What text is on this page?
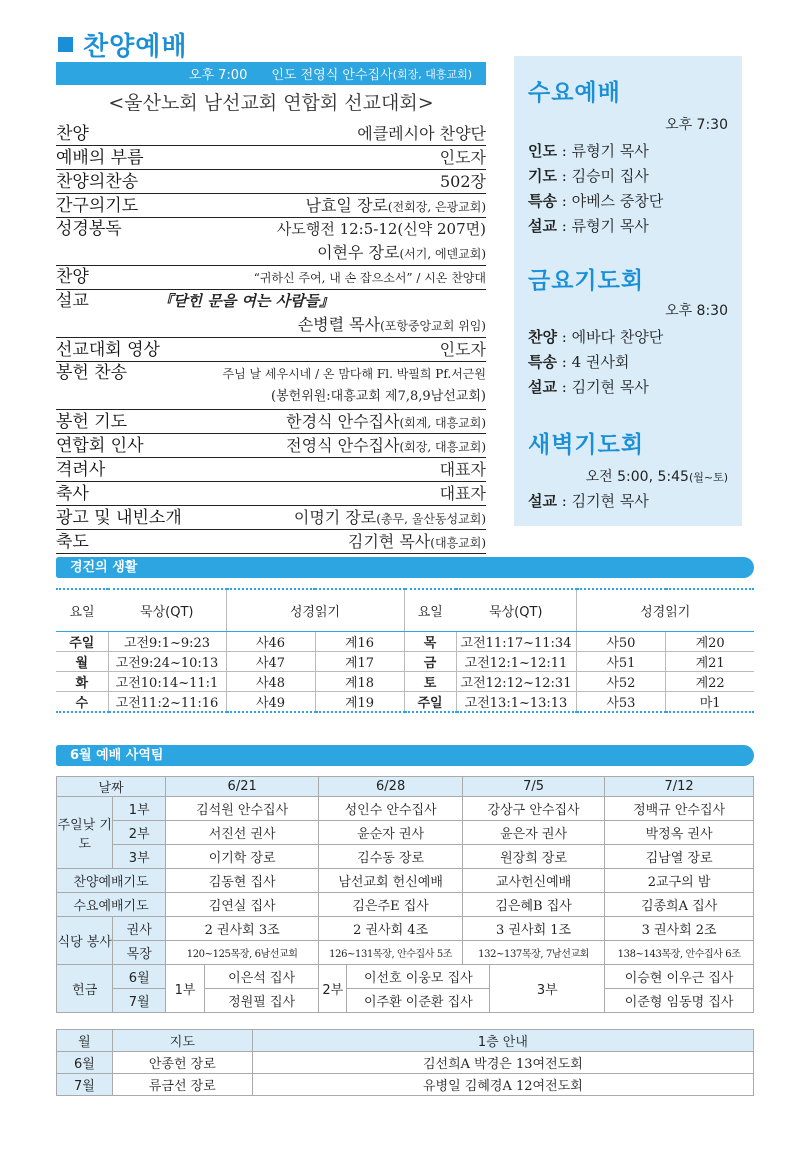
찬양예배
오후 7:00 인도 전영식 안수집사 (회장, 대흥교회)
<울산노회 남선교회 연합회 선교대회>
찬양	에클레시아 찬양단
예배의 부름	인도자
찬양의찬송	502장
간구의기도	남효일 장로(전회장, 은광교회)
성경봉독	사도행전 12:5-12(신약 207면)
이현우 장로(서기, 에덴교회)
찬양	“귀하신 주여, 내 손 잡으소서” / 시온 찬양대
설교	『닫힌 문을 여는 사람들』
손병렬 목사(포항중앙교회 위임)
선교대회 영상	인도자
봉헌 찬송	주님 날 세우시네 / 온 맘다해 Fl. 박필희 Pf.서근원
(봉헌위원:대흥교회 제7,8,9남선교회)
봉헌 기도	한경식 안수집사(회계, 대흥교회)
연합회 인사	전영식 안수집사(회장, 대흥교회)
격려사	대표자
축사	대표자
광고 및 내빈소개	이명기 장로(총무, 울산동성교회)
축도	김기현 목사(대흥교회)
수요예배
오후 7:30
인도 : 류형기 목사
기도 : 김승미 집사
특송 : 야베스 중창단
설교 : 류형기 목사
금요기도회
오후 8:30
찬양 : 에바다 찬양단
특송 : 4 권사회
설교 : 김기현 목사
새벽기도회
오전 5:00, 5:45(월~토)
설교 : 김기현 목사
경건의 생활
요일	묵상(QT)	성경읽기		요일	묵상(QT)	성경읽기	
주일	고전9:1~9:23	사46	계16	목	고전11:17~11:34	사50	계20
월	고전9:24~10:13	사47	계17	금	고전12:1~12:11	사51	계21
화	고전10:14~11:1	사48	계18	토	고전12:12~12:31	사52	계22
수	고전11:2~11:16	사49	계19	주일	고전13:1~13:13	사53	마1
6월 예배 사역팀
날짜		6/21		6/28		7/5		7/12
주일낮 기도	1부	김석원 안수집사		성인수 안수집사		강상구 안수집사		정백규 안수집사
	2부	서진선 권사		윤순자 권사		윤은자 권사		박정옥 권사
	3부	이기학 장로		김수동 장로		원장희 장로		김남열 장로
찬양예배기도		김동현 집사		남선교회 헌신예배		교사헌신예배		2교구의 밤
수요예배기도		김연실 집사		김은주E 집사		김은혜B 집사		김종희A 집사
식당 봉사	권사	2 권사회 3조		2 권사회 4조		3 권사회 1조		3 권사회 2조
	목장	120~125목장, 6남선교회		126~131목장, 안수집사 5조		132~137목장, 7남선교회		138~143목장, 안수집사 6조
헌금	6월	1부	이은석 집사	2부	이선호 이웅모 집사		3부	이승현 이우근 집사
	7월		정원필 집사		이주환 이준환 집사			이준형 임동명 집사
월	지도	1층 안내
6월	안종헌 장로	김선희A 박경은 13여전도회
7월	류금선 장로	유병일 김혜경A 12여전도회
